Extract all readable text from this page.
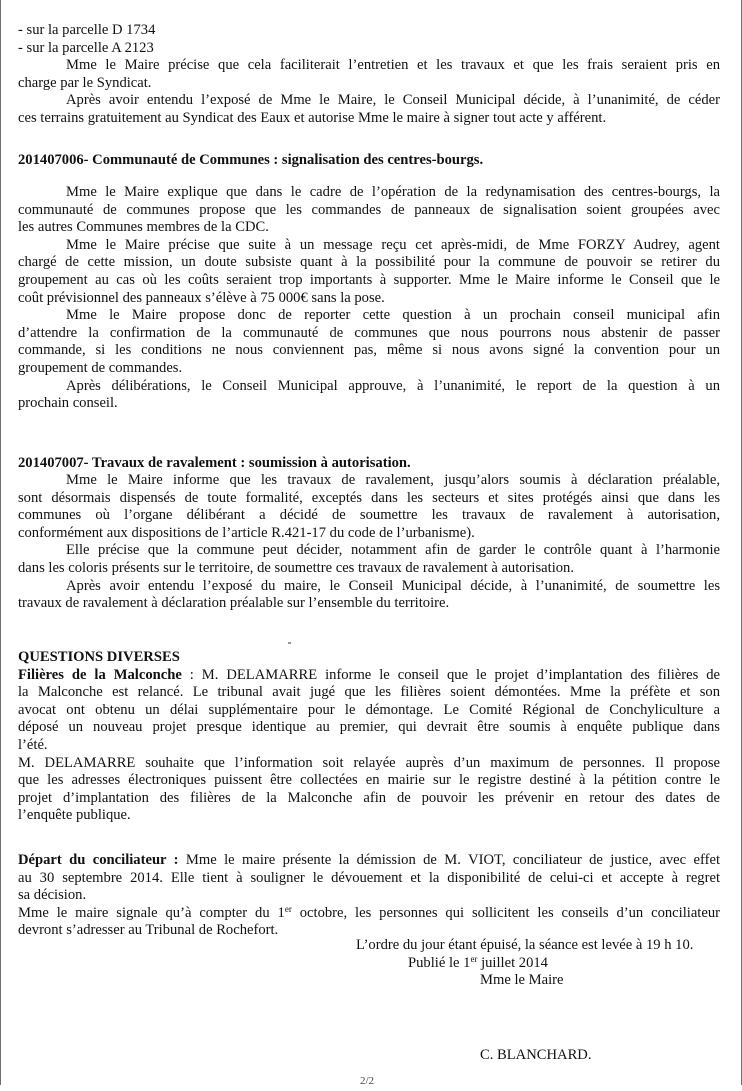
- sur la parcelle D 1734
- sur la parcelle A 2123
Mme le Maire précise que cela faciliterait l’entretien et les travaux et que les frais seraient pris en
charge par le Syndicat.
Après avoir entendu l’exposé de Mme le Maire, le Conseil Municipal décide, à l’unanimité, de céder
ces terrains gratuitement au Syndicat des Eaux et autorise Mme le maire à signer tout acte y afférent.
201407006- Communauté de Communes : signalisation des centres-bourgs.
Mme le Maire explique que dans le cadre de l’opération de la redynamisation des centres-bourgs, la
communauté de communes propose que les commandes de panneaux de signalisation soient groupées avec
les autres Communes membres de la CDC.
Mme le Maire précise que suite à un message reçu cet après-midi, de Mme FORZY Audrey, agent
chargé de cette mission, un doute subsiste quant à la possibilité pour la commune de pouvoir se retirer du
groupement au cas où les coûts seraient trop importants à supporter. Mme le Maire informe le Conseil que le
coût prévisionnel des panneaux s’élève à 75 000€ sans la pose.
Mme le Maire propose donc de reporter cette question à un prochain conseil municipal afin
d’attendre la confirmation de la communauté de communes que nous pourrons nous abstenir de passer
commande, si les conditions ne nous conviennent pas, même si nous avons signé la convention pour un
groupement de commandes.
Après délibérations, le Conseil Municipal approuve, à l’unanimité, le report de la question à un
prochain conseil.
201407007- Travaux de ravalement : soumission à autorisation.
Mme le Maire informe que les travaux de ravalement, jusqu’alors soumis à déclaration préalable,
sont désormais dispensés de toute formalité, exceptés dans les secteurs et sites protégés ainsi que dans les
communes où l’organe délibérant a décidé de soumettre les travaux de ravalement à autorisation,
conformément aux dispositions de l’article R.421-17 du code de l’urbanisme).
Elle précise que la commune peut décider, notamment afin de garder le contrôle quant à l’harmonie
dans les coloris présents sur le territoire, de soumettre ces travaux de ravalement à autorisation.
Après avoir entendu l’exposé du maire, le Conseil Municipal décide, à l’unanimité, de soumettre les
travaux de ravalement à déclaration préalable sur l’ensemble du territoire.
QUESTIONS DIVERSES
Filières de la Malconche : M. DELAMARRE informe le conseil que le projet d’implantation des filières de
la Malconche est relancé. Le tribunal avait jugé que les filières soient démontées. Mme la préfète et son
avocat ont obtenu un délai supplémentaire pour le démontage. Le Comité Régional de Conchyliculture a
déposé un nouveau projet presque identique au premier, qui devrait être soumis à enquête publique dans
l’été.
M. DELAMARRE souhaite que l’information soit relayée auprès d’un maximum de personnes. Il propose
que les adresses électroniques puissent être collectées en mairie sur le registre destiné à la pétition contre le
projet d’implantation des filières de la Malconche afin de pouvoir les prévenir en retour des dates de
l’enquête publique.
Départ du conciliateur : Mme le maire présente la démission de M. VIOT, conciliateur de justice, avec effet
au 30 septembre 2014. Elle tient à souligner le dévouement et la disponibilité de celui-ci et accepte à regret
sa décision.
Mme le maire signale qu’à compter du 1er octobre, les personnes qui sollicitent les conseils d’un conciliateur
devront s’adresser au Tribunal de Rochefort.
L’ordre du jour étant épuisé, la séance est levée à 19 h 10.
Publié le 1er juillet 2014
Mme le Maire
C. BLANCHARD.
2/2
